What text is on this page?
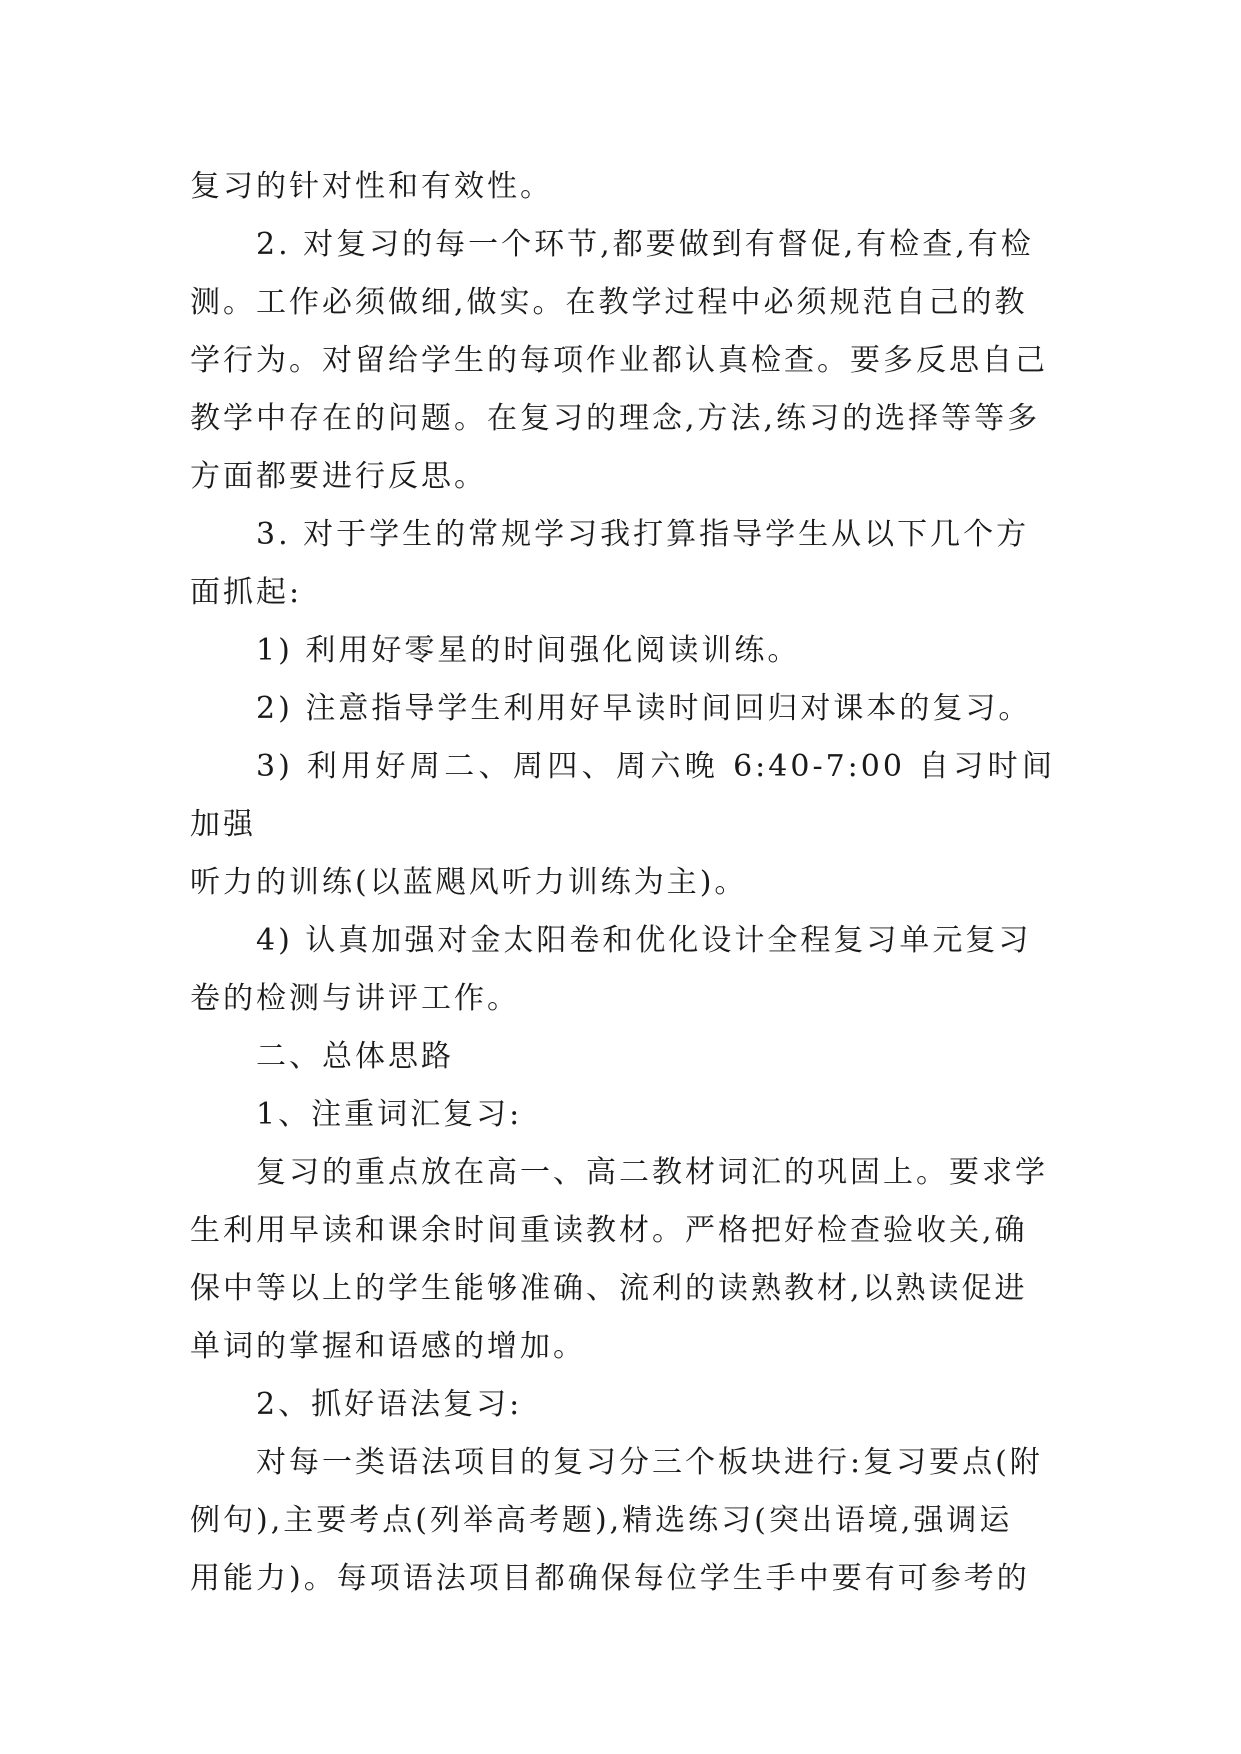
复习的针对性和有效性。

2. 对复习的每一个环节,都要做到有督促,有检查,有检

测。工作必须做细,做实。在教学过程中必须规范自己的教

学行为。对留给学生的每项作业都认真检查。要多反思自己

教学中存在的问题。在复习的理念,方法,练习的选择等等多

方面都要进行反思。

3. 对于学生的常规学习我打算指导学生从以下几个方

面抓起:

1) 利用好零星的时间强化阅读训练。

2) 注意指导学生利用好早读时间回归对课本的复习。

3) 利用好周二、周四、周六晚 6:40-7:00 自习时间加强

听力的训练(以蓝飓风听力训练为主)。

4) 认真加强对金太阳卷和优化设计全程复习单元复习

卷的检测与讲评工作。

二、总体思路

1、注重词汇复习:

复习的重点放在高一、高二教材词汇的巩固上。要求学

生利用早读和课余时间重读教材。严格把好检查验收关,确

保中等以上的学生能够准确、流利的读熟教材,以熟读促进

单词的掌握和语感的增加。

2、抓好语法复习:

对每一类语法项目的复习分三个板块进行:复习要点(附

例句),主要考点(列举高考题),精选练习(突出语境,强调运

用能力)。每项语法项目都确保每位学生手中要有可参考的
